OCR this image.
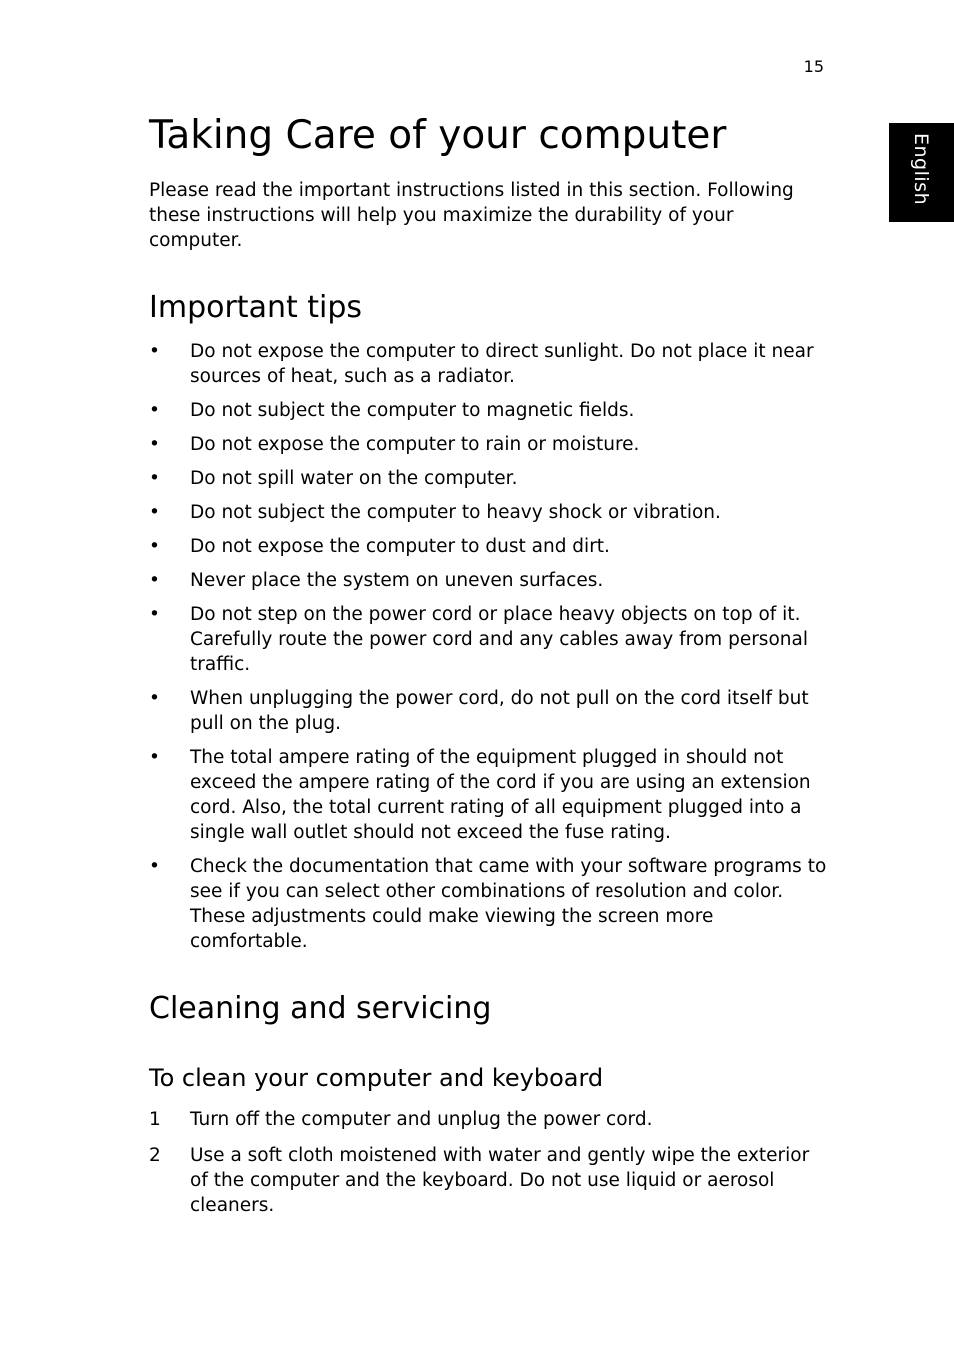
15
English
Taking Care of your computer

Please read the important instructions listed in this section. Following these instructions will help you maximize the durability of your computer.

Important tips
•	Do not expose the computer to direct sunlight. Do not place it near sources of heat, such as a radiator.
•	Do not subject the computer to magnetic fields.
•	Do not expose the computer to rain or moisture.
•	Do not spill water on the computer.
•	Do not subject the computer to heavy shock or vibration.
•	Do not expose the computer to dust and dirt.
•	Never place the system on uneven surfaces.
•	Do not step on the power cord or place heavy objects on top of it. Carefully route the power cord and any cables away from personal traffic.
•	When unplugging the power cord, do not pull on the cord itself but pull on the plug.
•	The total ampere rating of the equipment plugged in should not exceed the ampere rating of the cord if you are using an extension cord. Also, the total current rating of all equipment plugged into a single wall outlet should not exceed the fuse rating.
•	Check the documentation that came with your software programs to see if you can select other combinations of resolution and color. These adjustments could make viewing the screen more comfortable.
Cleaning and servicing
To clean your computer and keyboard
1	Turn off the computer and unplug the power cord.
2	Use a soft cloth moistened with water and gently wipe the exterior of the computer and the keyboard. Do not use liquid or aerosol cleaners.
